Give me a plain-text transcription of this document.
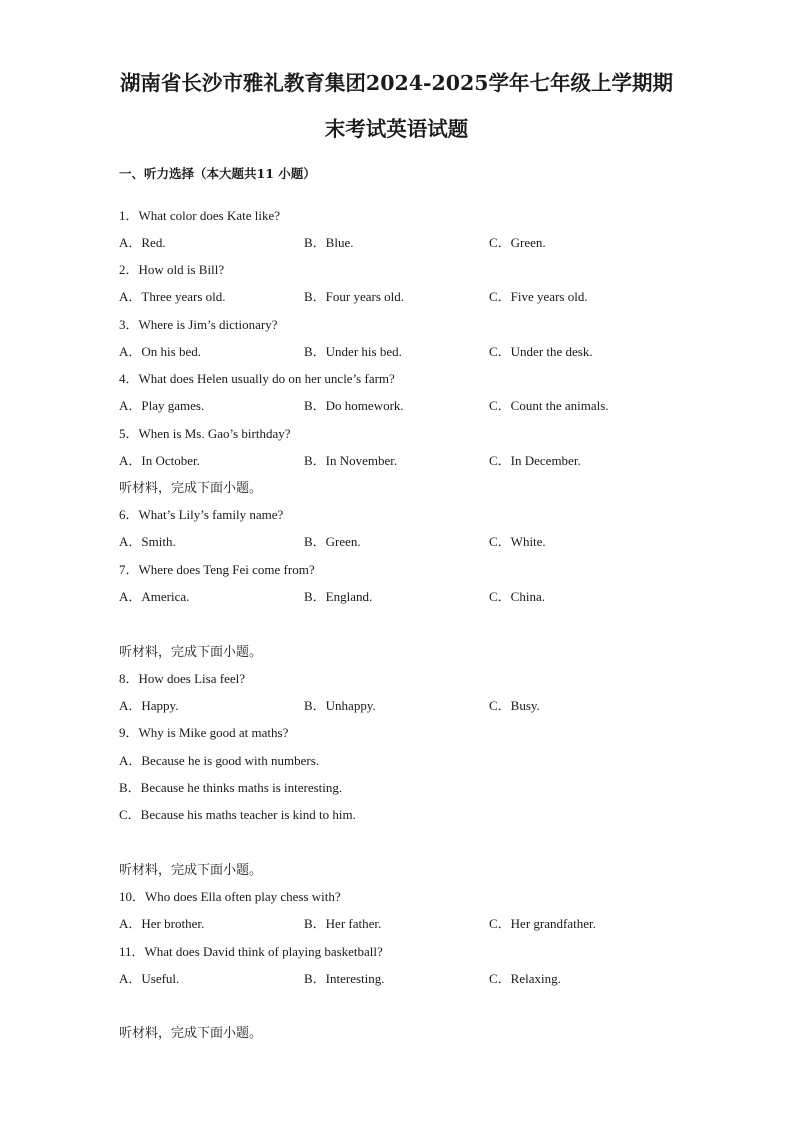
湖南省长沙市雅礼教育集团2024-2025学年七年级上学期期
末考试英语试题
一、听力选择（本大题共11 小题）
1．What color does Kate like?
A．Red.	B．Blue.	C．Green.
2．How old is Bill?
A．Three years old.	B．Four years old.	C．Five years old.
3．Where is Jim’s dictionary?
A．On his bed.	B．Under his bed.	C．Under the desk.
4．What does Helen usually do on her uncle’s farm?
A．Play games.	B．Do homework.	C．Count the animals.
5．When is Ms. Gao’s birthday?
A．In October.	B．In November.	C．In December.
听材料，完成下面小题。
6．What’s Lily’s family name?
A．Smith.	B．Green.	C．White.
7．Where does Teng Fei come from?
A．America.	B．England.	C．China.
听材料，完成下面小题。
8．How does Lisa feel?
A．Happy.	B．Unhappy.	C．Busy.
9．Why is Mike good at maths?
A．Because he is good with numbers.
B．Because he thinks maths is interesting.
C．Because his maths teacher is kind to him.
听材料，完成下面小题。
10．Who does Ella often play chess with?
A．Her brother.	B．Her father.	C．Her grandfather.
11．What does David think of playing basketball?
A．Useful.	B．Interesting.	C．Relaxing.
听材料，完成下面小题。
